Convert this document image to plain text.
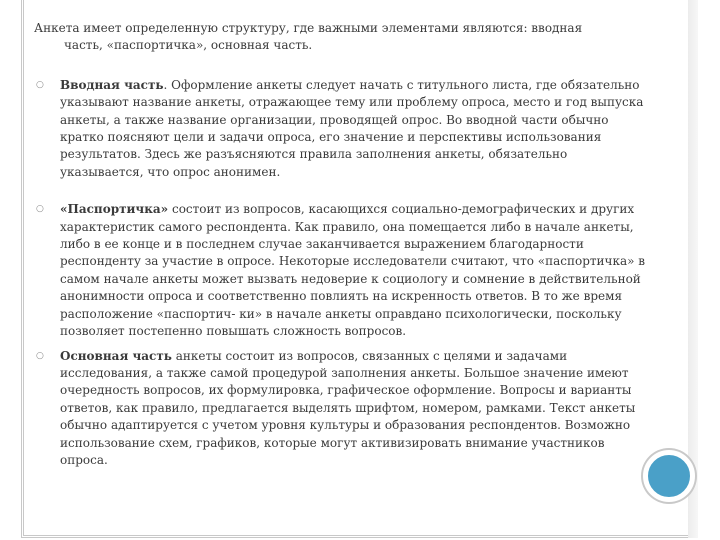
Анкета имеет определенную структуру, где важными элементами являются: вводная
часть, «паспортичка», основная часть.

○ Вводная часть. Оформление анкеты следует начать с титульного листа, где обязательно указывают название анкеты, отражающее тему или проблему опроса, место и год выпуска анкеты, а также название организации, проводящей опрос. Во вводной части обычно кратко поясняют цели и задачи опроса, его значение и перспективы использования результатов. Здесь же разъясняются правила заполнения анкеты, обязательно указывается, что опрос анонимен.
○ «Паспортичка» состоит из вопросов, касающихся социально-демографических и других характеристик самого респондента. Как правило, она помещается либо в начале анкеты, либо в ее конце и в последнем случае заканчивается выражением благодарности респонденту за участие в опросе. Некоторые исследователи считают, что «паспортичка» в самом начале анкеты может вызвать недоверие к социологу и сомнение в действительной анонимности опроса и соответственно повлиять на искренность ответов. В то же время расположение «паспортич- ки» в начале анкеты оправдано психологически, поскольку позволяет постепенно повышать сложность вопросов.
○ Основная часть анкеты состоит из вопросов, связанных с целями и задачами исследования, а также самой процедурой заполнения анкеты. Большое значение имеют очередность вопросов, их формулировка, графическое оформление. Вопросы и варианты ответов, как правило, предлагается выделять шрифтом, номером, рамками. Текст анкеты обычно адаптируется с учетом уровня культуры и образования респондентов. Возможно использование схем, графиков, которые могут активизировать внимание участников опроса.
